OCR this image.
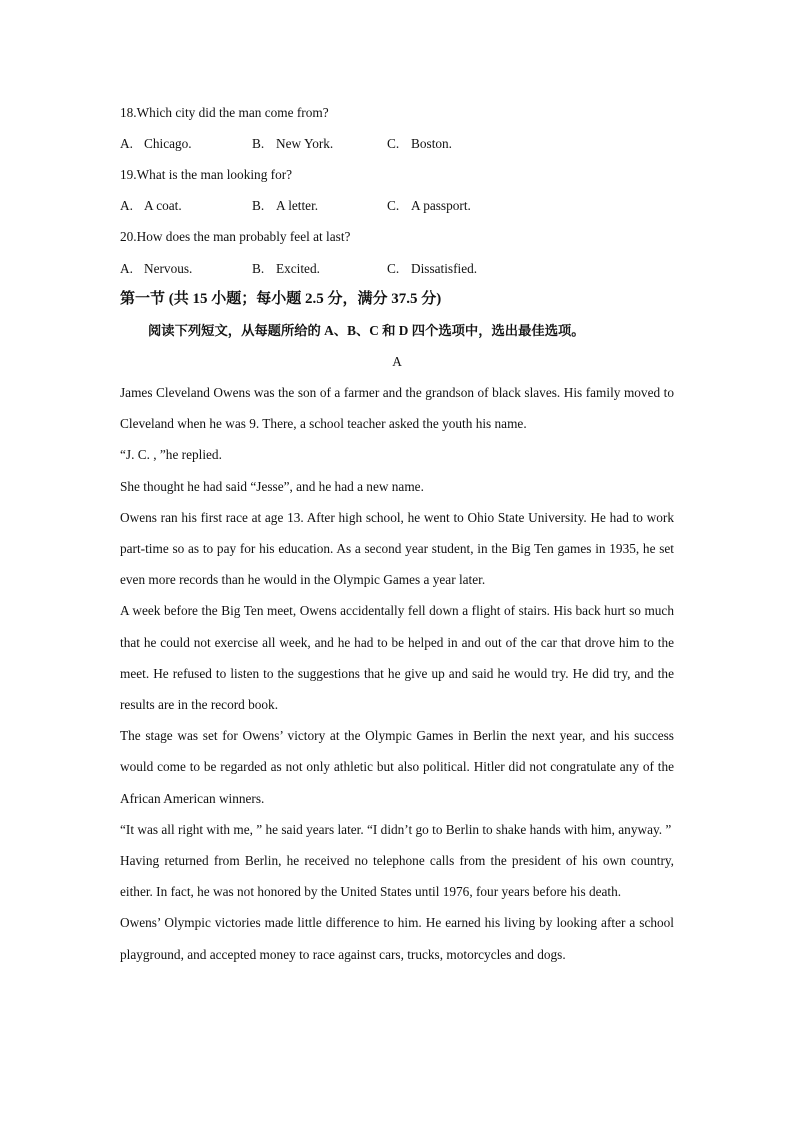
18.Which city did the man come from?
A. Chicago.	B. New York.	C. Boston.
19.What is the man looking for?
A. A coat.	B. A letter.	C. A passport.
20.How does the man probably feel at last?
A. Nervous.	B. Excited.	C. Dissatisfied.
第一节 (共 15 小题；每小题 2.5 分，满分 37.5 分)
阅读下列短文，从每题所给的 A、B、C 和 D 四个选项中，选出最佳选项。
A

James Cleveland Owens was the son of a farmer and the grandson of black slaves. His family moved to Cleveland when he was 9. There, a school teacher asked the youth his name.

“J. C. , ”he replied.

She thought he had said “Jesse”, and he had a new name.

Owens ran his first race at age 13. After high school, he went to Ohio State University. He had to work part-time so as to pay for his education. As a second year student, in the Big Ten games in 1935, he set even more records than he would in the Olympic Games a year later.

A week before the Big Ten meet, Owens accidentally fell down a flight of stairs. His back hurt so much that he could not exercise all week, and he had to be helped in and out of the car that drove him to the meet. He refused to listen to the suggestions that he give up and said he would try. He did try, and the results are in the record book.

The stage was set for Owens’ victory at the Olympic Games in Berlin the next year, and his success would come to be regarded as not only athletic but also political. Hitler did not congratulate any of the African American winners.

“It was all right with me, ” he said years later. “I didn’t go to Berlin to shake hands with him, anyway. ”

Having returned from Berlin, he received no telephone calls from the president of his own country, either. In fact, he was not honored by the United States until 1976, four years before his death.

Owens’ Olympic victories made little difference to him. He earned his living by looking after a school playground, and accepted money to race against cars, trucks, motorcycles and dogs.
